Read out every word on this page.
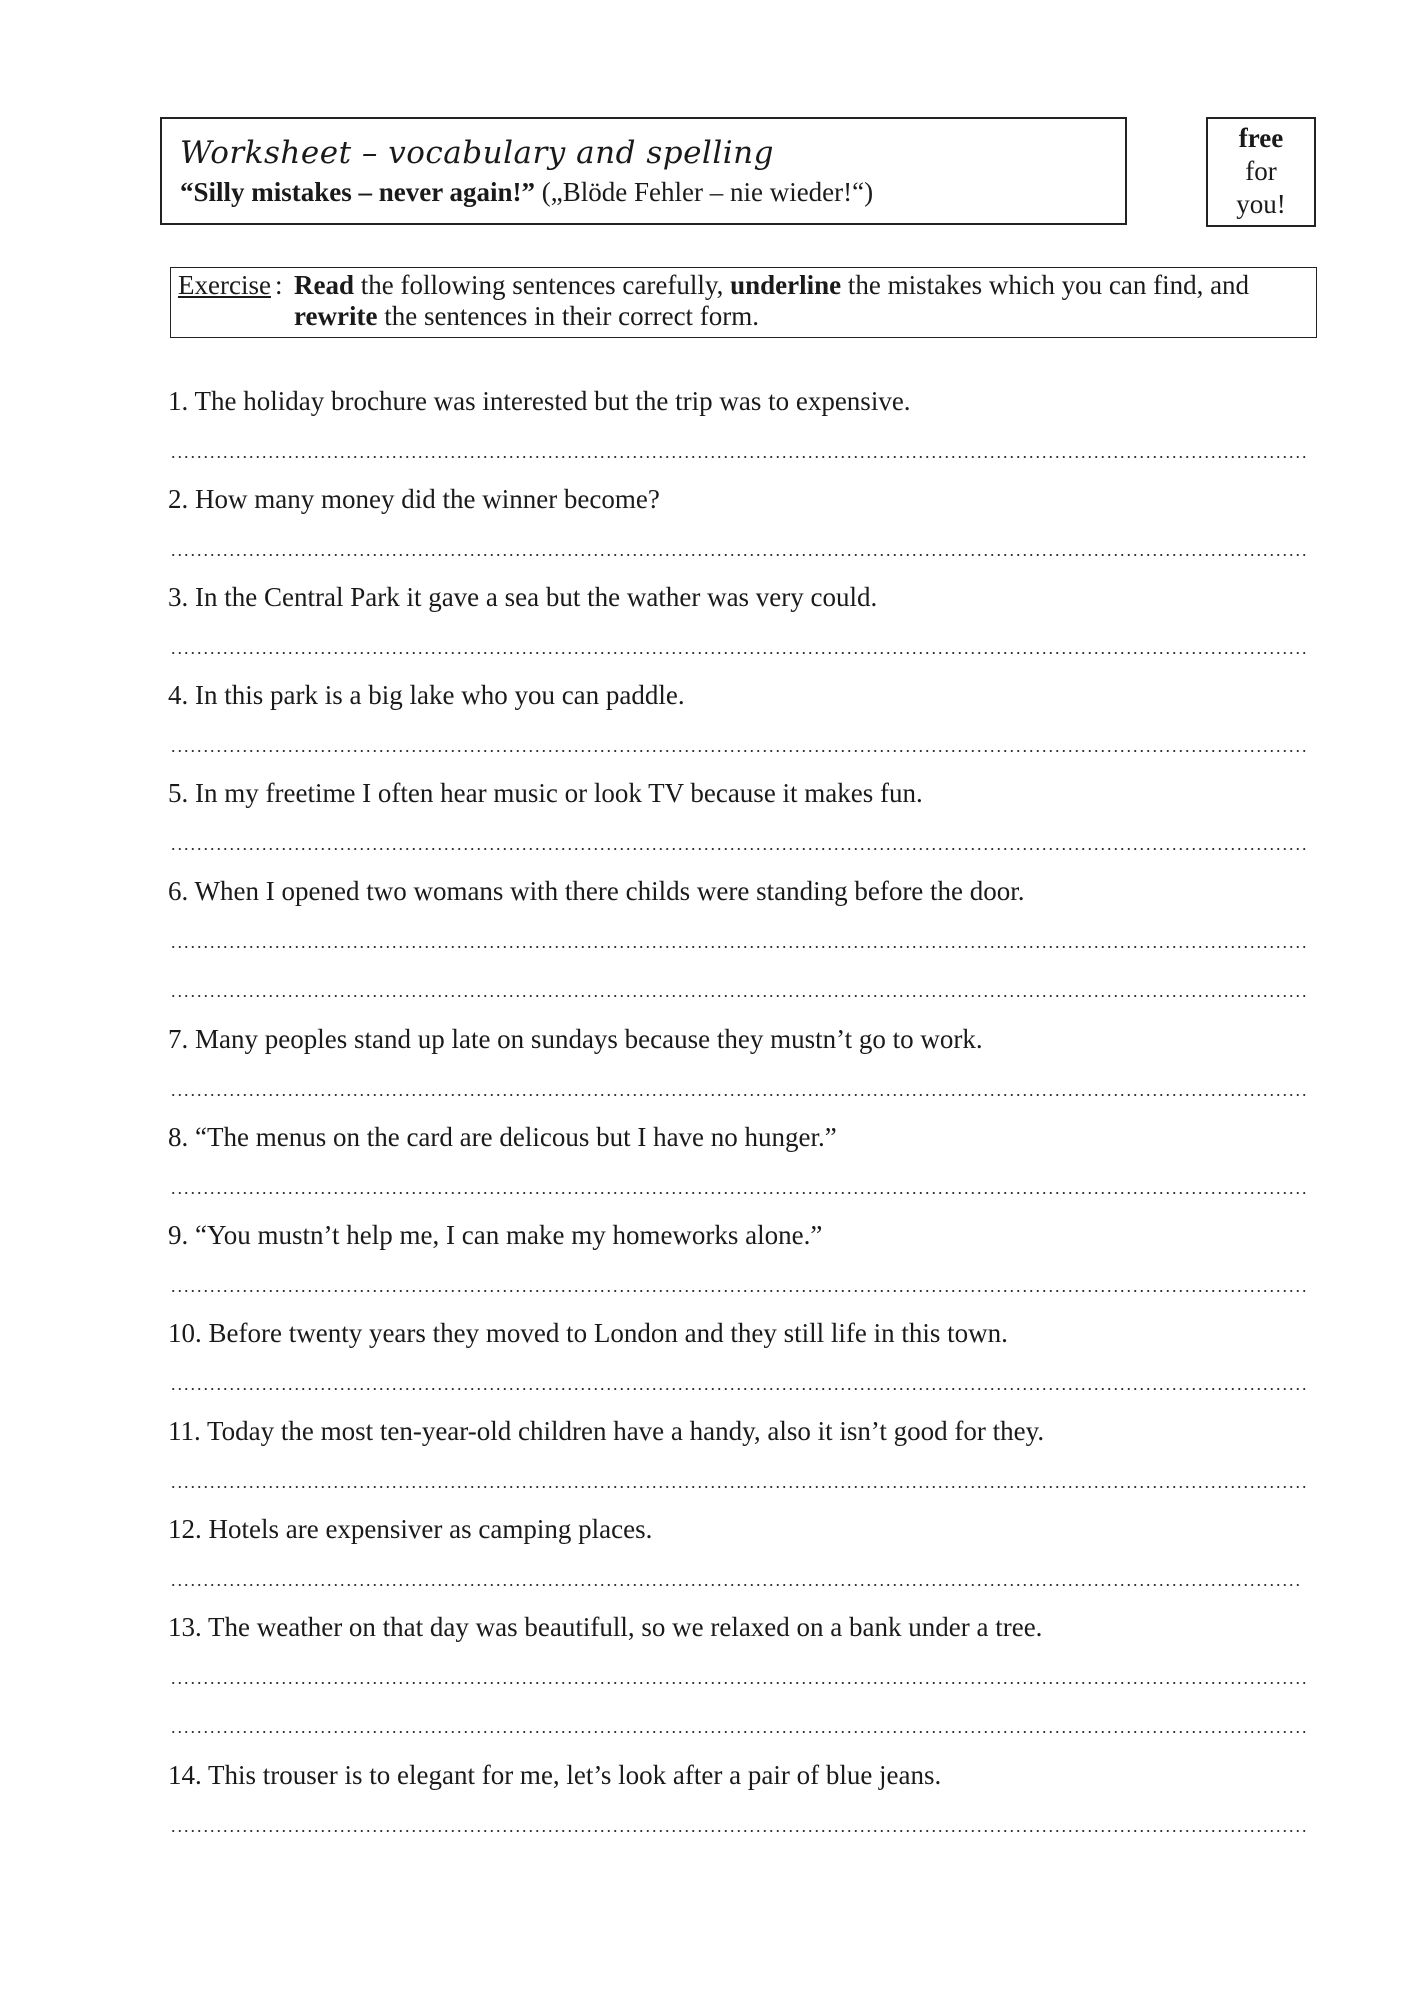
Worksheet – vocabulary and spelling
“Silly mistakes – never again!” („Blöde Fehler – nie wieder!“)
free
for
you!
Exercise : Read the following sentences carefully, underline the mistakes which you can find, and
rewrite the sentences in their correct form.
1. The holiday brochure was interested but the trip was to expensive.
2. How many money did the winner become?
3. In the Central Park it gave a sea but the wather was very could.
4. In this park is a big lake who you can paddle.
5. In my freetime I often hear music or look TV because it makes fun.
6. When I opened two womans with there childs were standing before the door.
7. Many peoples stand up late on sundays because they mustn’t go to work.
8. “The menus on the card are delicous but I have no hunger.”
9. “You mustn’t help me, I can make my homeworks alone.”
10. Before twenty years they moved to London and they still life in this town.
11. Today the most ten-year-old children have a handy, also it isn’t good for they.
12. Hotels are expensiver as camping places.
13. The weather on that day was beautifull, so we relaxed on a bank under a tree.
14. This trouser is to elegant for me, let’s look after a pair of blue jeans.
